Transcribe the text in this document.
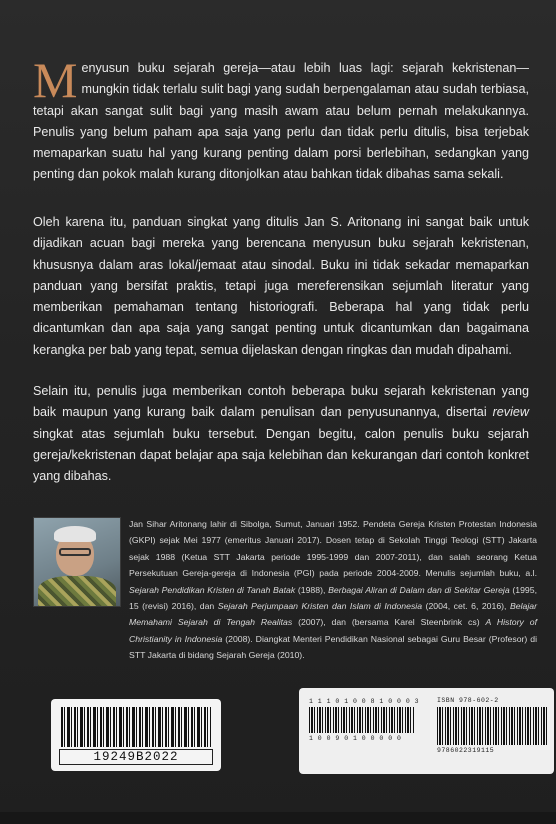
Menyusun buku sejarah gereja—atau lebih luas lagi: sejarah kekristenan—mungkin tidak terlalu sulit bagi yang sudah berpengalaman atau sudah terbiasa, tetapi akan sangat sulit bagi yang masih awam atau belum pernah melakukannya. Penulis yang belum paham apa saja yang perlu dan tidak perlu ditulis, bisa terjebak memaparkan suatu hal yang kurang penting dalam porsi berlebihan, sedangkan yang penting dan pokok malah kurang ditonjolkan atau bahkan tidak dibahas sama sekali.

Oleh karena itu, panduan singkat yang ditulis Jan S. Aritonang ini sangat baik untuk dijadikan acuan bagi mereka yang berencana menyusun buku sejarah kekristenan, khususnya dalam aras lokal/jemaat atau sinodal. Buku ini tidak sekadar memaparkan panduan yang bersifat praktis, tetapi juga mereferensikan sejumlah literatur yang memberikan pemahaman tentang historiografi. Beberapa hal yang tidak perlu dicantumkan dan apa saja yang sangat penting untuk dicantumkan dan bagaimana kerangka per bab yang tepat, semua dijelaskan dengan ringkas dan mudah dipahami.

Selain itu, penulis juga memberikan contoh beberapa buku sejarah kekristenan yang baik maupun yang kurang baik dalam penulisan dan penyusunannya, disertai review singkat atas sejumlah buku tersebut. Dengan begitu, calon penulis buku sejarah gereja/kekristenan dapat belajar apa saja kelebihan dan kekurangan dari contoh konkret yang dibahas.

Jan Sihar Aritonang lahir di Sibolga, Sumut, Januari 1952. Pendeta Gereja Kristen Protestan Indonesia (GKPI) sejak Mei 1977 (emeritus Januari 2017). Dosen tetap di Sekolah Tinggi Teologi (STT) Jakarta sejak 1988 (Ketua STT Jakarta periode 1995-1999 dan 2007-2011), dan salah seorang Ketua Persekutuan Gereja-gereja di Indonesia (PGI) pada periode 2004-2009. Menulis sejumlah buku, a.l. Sejarah Pendidikan Kristen di Tanah Batak (1988), Berbagai Aliran di Dalam dan di Sekitar Gereja (1995, 15 (revisi) 2016), dan Sejarah Perjumpaan Kristen dan Islam di Indonesia (2004, cet. 6, 2016), Belajar Memahami Sejarah di Tengah Realitas (2007), dan (bersama Karel Steenbrink cs) A History of Christianity in Indonesia (2008). Diangkat Menteri Pendidikan Nasional sebagai Guru Besar (Profesor) di STT Jakarta di bidang Sejarah Gereja (2010).

19249B2022
1 1 1 0 1 0 0 8 1 0 0 0 3
1 0 0 9 0 1 0 0 0 0 0
ISBN 978-602-2
9786022319115
